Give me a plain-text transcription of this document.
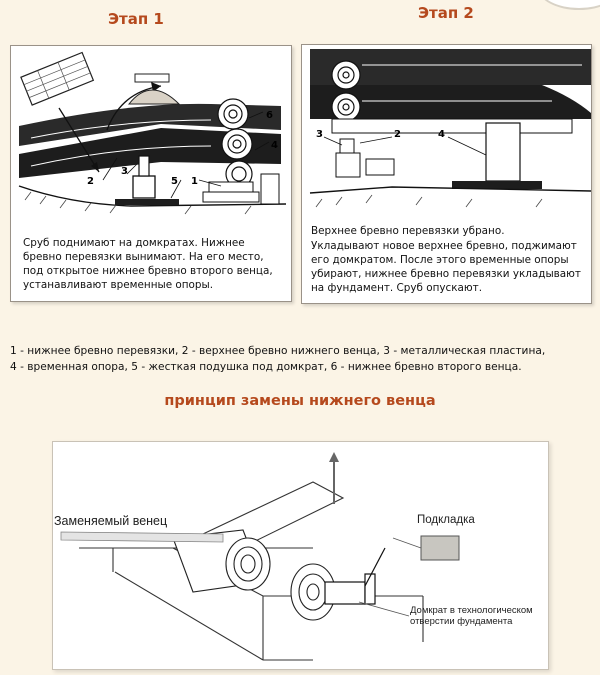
Этап 1	Этап 2
2
3
5 1
6
4

Сруб поднимают на домкратах. Нижнее бревно перевязки вынимают. На его место, под открытое нижнее бревно второго венца, устанавливают временные опоры.

3	2	4

Верхнее бревно перевязки убрано.

Укладывают новое верхнее бревно, поджимают его домкратом. После этого временные опоры убирают, нижнее бревно перевязки укладывают на фундамент. Сруб опускают.

1 - нижнее бревно перевязки, 2 - верхнее бревно нижнего венца, 3 - металлическая пластина,
4 - временная опора, 5 - жесткая подушка под домкрат, 6 - нижнее бревно второго венца.
принцип замены нижнего венца
Заменяемый венец	Подкладка
Домкрат в технологическом отверстии фундамента
